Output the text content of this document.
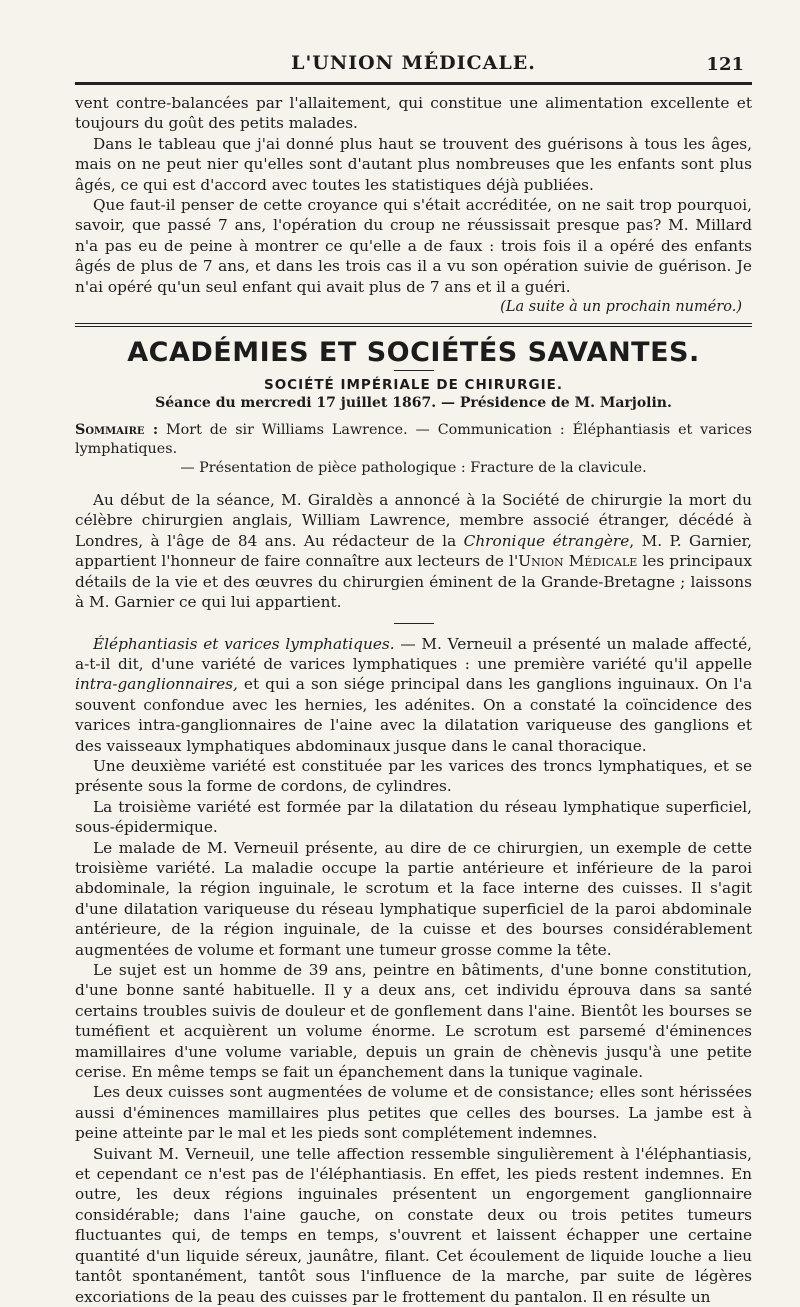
L'UNION MÉDICALE.	121

vent contre-balancées par l'allaitement, qui constitue une alimentation excellente et toujours du goût des petits malades.

Dans le tableau que j'ai donné plus haut se trouvent des guérisons à tous les âges, mais on ne peut nier qu'elles sont d'autant plus nombreuses que les enfants sont plus âgés, ce qui est d'accord avec toutes les statistiques déjà publiées.

Que faut-il penser de cette croyance qui s'était accréditée, on ne sait trop pourquoi, savoir, que passé 7 ans, l'opération du croup ne réussissait presque pas? M. Millard n'a pas eu de peine à montrer ce qu'elle a de faux : trois fois il a opéré des enfants âgés de plus de 7 ans, et dans les trois cas il a vu son opération suivie de guérison. Je n'ai opéré qu'un seul enfant qui avait plus de 7 ans et il a guéri.

(La suite à un prochain numéro.)
ACADÉMIES ET SOCIÉTÉS SAVANTES.
SOCIÉTÉ IMPÉRIALE DE CHIRURGIE.
Séance du mercredi 17 juillet 1867. — Présidence de M. Marjolin.
Sommaire : Mort de sir Williams Lawrence. — Communication : Éléphantiasis et varices lymphatiques.
— Présentation de pièce pathologique : Fracture de la clavicule.

Au début de la séance, M. Giraldès a annoncé à la Société de chirurgie la mort du célèbre chirurgien anglais, William Lawrence, membre associé étranger, décédé à Londres, à l'âge de 84 ans. Au rédacteur de la Chronique étrangère, M. P. Garnier, appartient l'honneur de faire connaître aux lecteurs de l'Union Médicale les principaux détails de la vie et des œuvres du chirurgien éminent de la Grande-Bretagne ; laissons à M. Garnier ce qui lui appartient.

Éléphantiasis et varices lymphatiques. — M. Verneuil a présenté un malade affecté, a-t-il dit, d'une variété de varices lymphatiques : une première variété qu'il appelle intra-ganglionnaires, et qui a son siége principal dans les ganglions inguinaux. On l'a souvent confondue avec les hernies, les adénites. On a constaté la coïncidence des varices intra-ganglionnaires de l'aine avec la dilatation variqueuse des ganglions et des vaisseaux lymphatiques abdominaux jusque dans le canal thoracique.

Une deuxième variété est constituée par les varices des troncs lymphatiques, et se présente sous la forme de cordons, de cylindres.

La troisième variété est formée par la dilatation du réseau lymphatique superficiel, sous-épidermique.

Le malade de M. Verneuil présente, au dire de ce chirurgien, un exemple de cette troisième variété. La maladie occupe la partie antérieure et inférieure de la paroi abdominale, la région inguinale, le scrotum et la face interne des cuisses. Il s'agit d'une dilatation variqueuse du réseau lymphatique superficiel de la paroi abdominale antérieure, de la région inguinale, de la cuisse et des bourses considérablement augmentées de volume et formant une tumeur grosse comme la tête.

Le sujet est un homme de 39 ans, peintre en bâtiments, d'une bonne constitution, d'une bonne santé habituelle. Il y a deux ans, cet individu éprouva dans sa santé certains troubles suivis de douleur et de gonflement dans l'aine. Bientôt les bourses se tuméfient et acquièrent un volume énorme. Le scrotum est parsemé d'éminences mamillaires d'une volume variable, depuis un grain de chènevis jusqu'à une petite cerise. En même temps se fait un épanchement dans la tunique vaginale.

Les deux cuisses sont augmentées de volume et de consistance; elles sont hérissées aussi d'éminences mamillaires plus petites que celles des bourses. La jambe est à peine atteinte par le mal et les pieds sont complétement indemnes.

Suivant M. Verneuil, une telle affection ressemble singulièrement à l'éléphantiasis, et cependant ce n'est pas de l'éléphantiasis. En effet, les pieds restent indemnes. En outre, les deux régions inguinales présentent un engorgement ganglionnaire considérable; dans l'aine gauche, on constate deux ou trois petites tumeurs fluctuantes qui, de temps en temps, s'ouvrent et laissent échapper une certaine quantité d'un liquide séreux, jaunâtre, filant. Cet écoulement de liquide louche a lieu tantôt spontanément, tantôt sous l'influence de la marche, par suite de légères excoriations de la peau des cuisses par le frottement du pantalon. Il en résulte un
